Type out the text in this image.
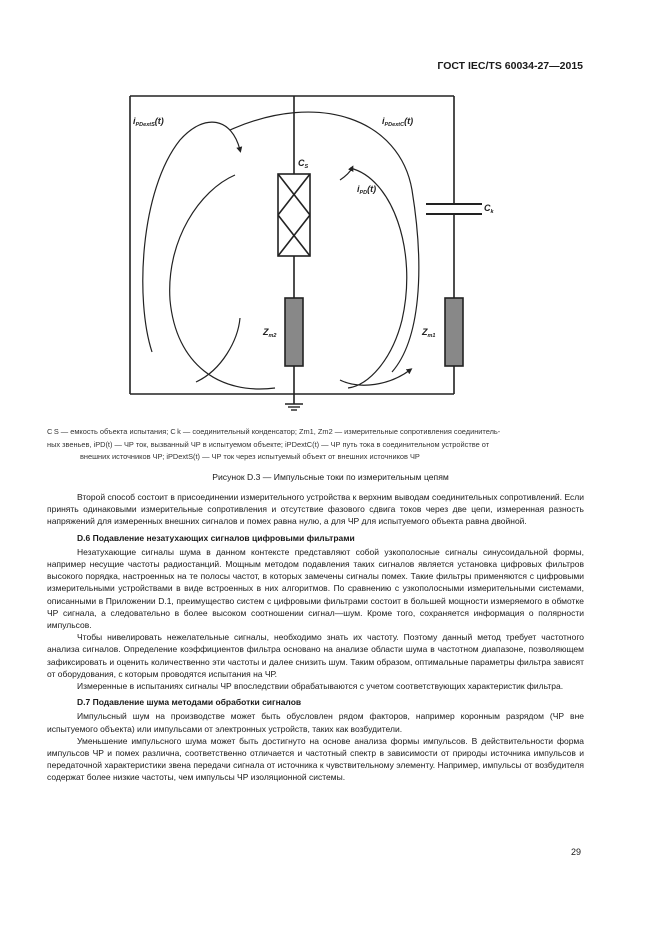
ГОСТ IEC/TS 60034-27—2015
$i_{PDextS}(t)$	$i_{PDextC}(t)$
$i_{PD}(t)$
$C_S$
$C_k$
$Z_{m2}$	$Z_{m1}$

C S — емкость объекта испытания; C k — соединительный конденсатор; Zm1, Zm2 — измерительные сопротивления соединитель-

ных звеньев, iPD(t) — ЧР ток, вызванный ЧР в испытуемом объекте; iPDextC(t) — ЧР путь тока в соединительном устройстве от

внешних источников ЧР; iPDextS(t) — ЧР ток через испытуемый объект от внешних источников ЧР

Рисунок D.3 — Импульсные токи по измерительным цепям

Второй способ состоит в присоединении измерительного устройства к верхним выводам соединительных сопротивлений. Если принять одинаковыми измерительные сопротивления и отсутствие фазового сдвига токов через две цепи, измеренная разность напряжений для измеренных внешних сигналов и помех равна нулю, а для ЧР для испытуемого объекта равна двойной.

D.6 Подавление незатухающих сигналов цифровыми фильтрами

Незатухающие сигналы шума в данном контексте представляют собой узкополосные сигналы синусоидальной формы, например несущие частоты радиостанций. Мощным методом подавления таких сигналов является установка цифровых фильтров высокого порядка, настроенных на те полосы частот, в которых замечены сигналы помех. Такие фильтры применяются с цифровыми измерительными устройствами в виде встроенных в них алгоритмов. По сравнению с узкополосными измерительными системами, описанными в Приложении D.1, преимущество систем с цифровыми фильтрами состоит в большей мощности измеряемого в обмотке ЧР сигнала, а следовательно в более высоком соотношении сигнал—шум. Кроме того, сохраняется информация о полярности импульсов.

Чтобы нивелировать нежелательные сигналы, необходимо знать их частоту. Поэтому данный метод требует частотного анализа сигналов. Определение коэффициентов фильтра основано на анализе области шума в частотном диапазоне, позволяющем зафиксировать и оценить количественно эти частоты и далее снизить шум. Таким образом, оптимальные параметры фильтра зависят от оборудования, с которым проводятся испытания на ЧР.

Измеренные в испытаниях сигналы ЧР впоследствии обрабатываются с учетом соответствующих характеристик фильтра.

D.7 Подавление шума методами обработки сигналов

Импульсный шум на производстве может быть обусловлен рядом факторов, например коронным разрядом (ЧР вне испытуемого объекта) или импульсами от электронных устройств, таких как возбудители.

Уменьшение импульсного шума может быть достигнуто на основе анализа формы импульсов. В действительности форма импульсов ЧР и помех различна, соответственно отличается и частотный спектр в зависимости от природы источника импульсов и передаточной характеристики звена передачи сигнала от источника к чувствительному элементу. Например, импульсы от возбудителя содержат более низкие частоты, чем импульсы ЧР изоляционной системы.

29
